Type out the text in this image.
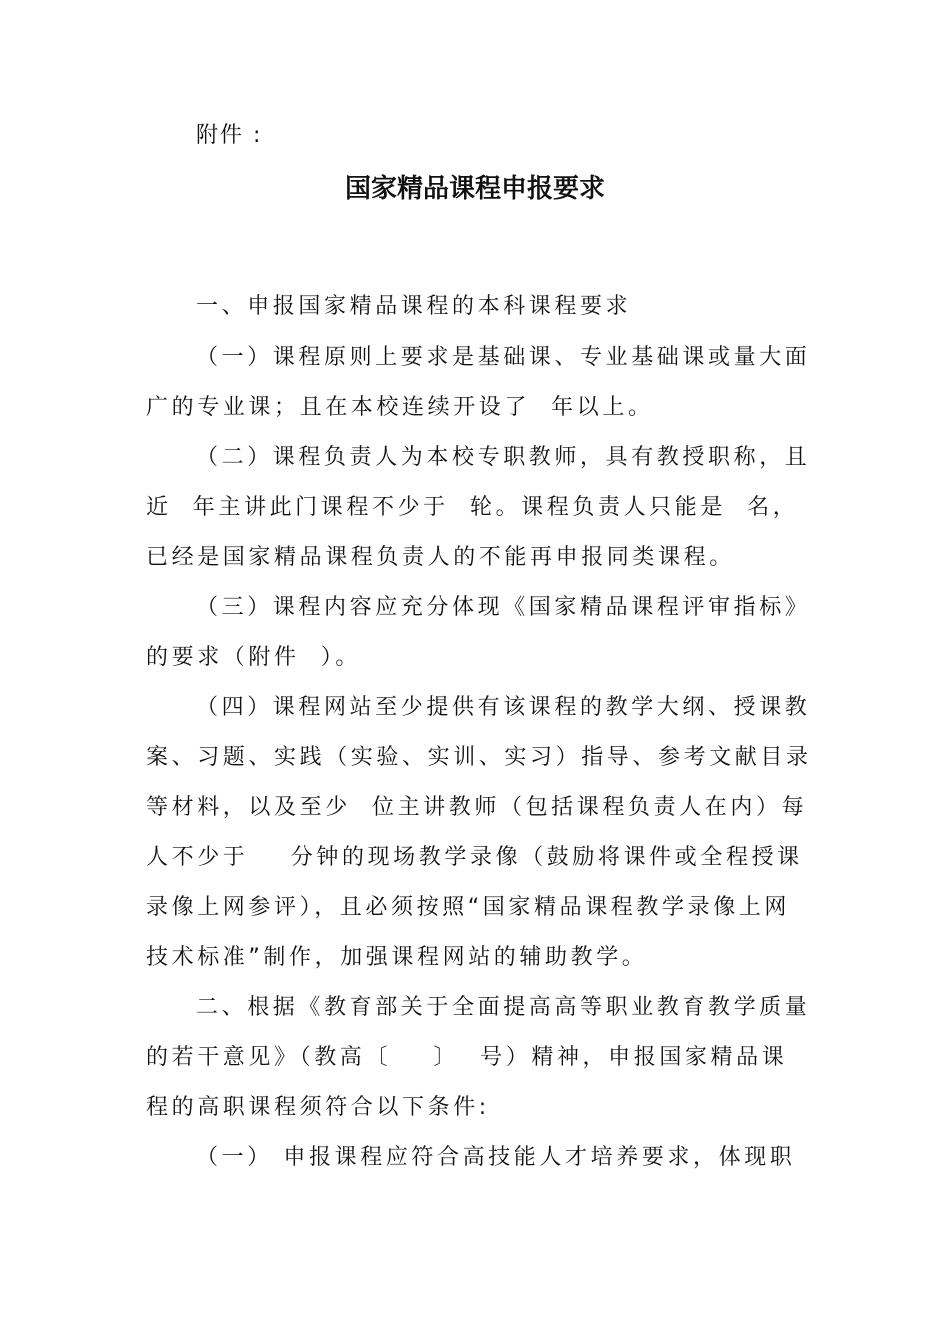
附件 :
国家精品课程申报要求
一、申报国家精品课程的本科课程要求
（一）课程原则上要求是基础课、专业基础课或量大面
广的专业课；且在本校连续开设了  年以上。
（二）课程负责人为本校专职教师，具有教授职称，且
近  年主讲此门课程不少于  轮。课程负责人只能是  名，
已经是国家精品课程负责人的不能再申报同类课程。
（三）课程内容应充分体现《国家精品课程评审指标》
的要求（附件  ）。
（四）课程网站至少提供有该课程的教学大纲、授课教
案、习题、实践（实验、实训、实习）指导、参考文献目录
等材料，以及至少  位主讲教师（包括课程负责人在内）每
人不少于    分钟的现场教学录像（鼓励将课件或全程授课
录像上网参评），且必须按照“国家精品课程教学录像上网
技术标准”制作，加强课程网站的辅助教学。
二、根据《教育部关于全面提高高等职业教育教学质量
的若干意见》（教高〔    〕  号）精神，申报国家精品课
程的高职课程须符合以下条件:
（一） 申报课程应符合高技能人才培养要求，体现职
